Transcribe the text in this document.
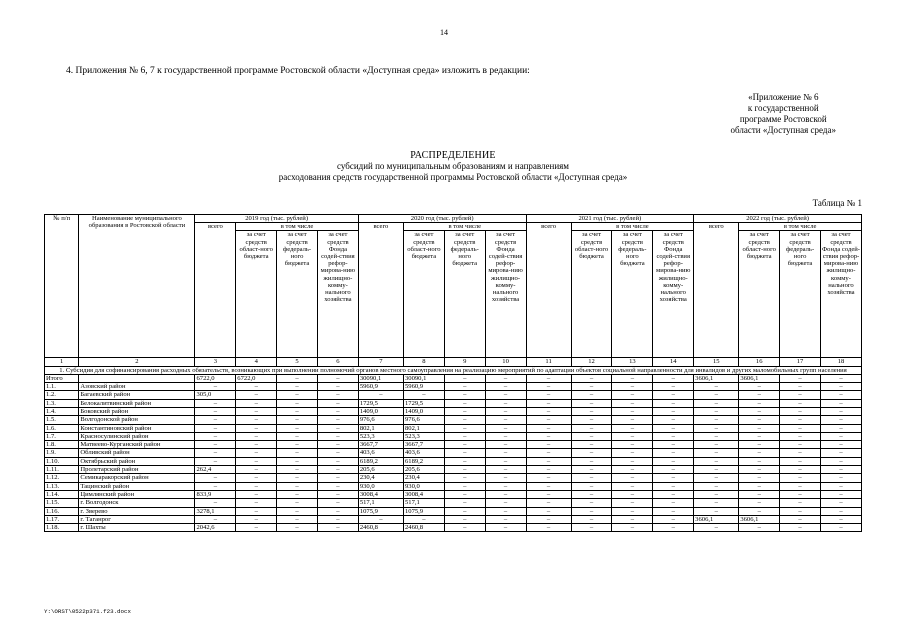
14
4. Приложения № 6, 7 к государственной программе Ростовской области «Доступная среда» изложить в редакции:
«Приложение № 6
к государственной
программе Ростовской
области «Доступная среда»
РАСПРЕДЕЛЕНИЕ
субсидий по муниципальным образованиям и направлениям
расходования средств государственной программы Ростовской области «Доступная среда»
Таблица № 1
№ п/п	Наименование муниципального образования в Ростовской области	2019 год (тыс. рублей)				2020 год (тыс. рублей)				2021 год (тыс. рублей)				2022 год (тыс. рублей)			
		всего	в том числе			всего	в том числе			всего	в том числе			всего	в том числе		
			за счет средств област-ного бюджета	за счет средств федераль-ного бюджета	за счет средств Фонда содей-ствия рефор-мирова-нию жилищно-комму-нального хозяйства		за счет средств област-ного бюджета	за счет средств федераль-ного бюджета	за счет средств Фонда содей-ствия рефор-мирова-нию жилищно-комму-нального хозяйства		за счет средств област-ного бюджета	за счет средств федераль-ного бюджета	за счет средств Фонда содей-ствия рефор-мирова-нию жилищно-комму-нального хозяйства		за счет средств област-ного бюджета	за счет средств федераль-ного бюджета	за счет средств Фонда содей-ствия рефор-мирова-нию жилищно-комму-нального хозяйства
1	2	3	4	5	6	7	8	9	10	11	12	13	14	15	16	17	18
1. Субсидия для софинансирования расходных обязательств, возникающих при выполнении полномочий органов местного самоуправления на реализацию мероприятий по адаптации объектов социальной направленности для инвалидов и других маломобильных групп населения																	
Итого		6722,0	6722,0	–	–	30090,1	30090,1	–	–	–	–	–	–	3606,1	3606,1	–	–
1.1.	Азовский район	–	–	–	–	5960,9	5960,9	–	–	–	–	–	–	–	–	–	–
1.2.	Багаевский район	305,0	–	–	–	–	–	–	–	–	–	–	–	–	–	–	–
1.3.	Белокалитвинский район	–	–	–	–	1729,5	1729,5	–	–	–	–	–	–	–	–	–	–
1.4.	Боковский район	–	–	–	–	1409,0	1409,0	–	–	–	–	–	–	–	–	–	–
1.5.	Волгодонской район	–	–	–	–	976,6	976,6	–	–	–	–	–	–	–	–	–	–
1.6.	Константиновский район	–	–	–	–	802,1	802,1	–	–	–	–	–	–	–	–	–	–
1.7.	Красносулинский район	–	–	–	–	523,3	523,3	–	–	–	–	–	–	–	–	–	–
1.8.	Матвеево-Курганский район	–	–	–	–	3667,7	3667,7	–	–	–	–	–	–	–	–	–	–
1.9.	Обливский район	–	–	–	–	403,6	403,6	–	–	–	–	–	–	–	–	–	–
1.10.	Октябрьский район	–	–	–	–	6189,2	6189,2	–	–	–	–	–	–	–	–	–	–
1.11.	Пролетарский район	262,4	–	–	–	205,6	205,6	–	–	–	–	–	–	–	–	–	–
1.12.	Семикаракорский район	–	–	–	–	230,4	230,4	–	–	–	–	–	–	–	–	–	–
1.13.	Тацинский район	–	–	–	–	930,0	930,0	–	–	–	–	–	–	–	–	–	–
1.14.	Цимлянский район	833,9	–	–	–	3008,4	3008,4	–	–	–	–	–	–	–	–	–	–
1.15.	г. Волгодонск	–	–	–	–	517,1	517,1	–	–	–	–	–	–	–	–	–	–
1.16.	г. Зверево	3278,1	–	–	–	1075,9	1075,9	–	–	–	–	–	–	–	–	–	–
1.17.	г. Таганрог	–	–	–	–	–	–	–	–	–	–	–	–	3606,1	3606,1	–	–
1.18.	г. Шахты	2042,6	–	–	–	2460,8	2460,8	–	–	–	–	–	–	–	–	–	–
Y:\ORST\0522p371.f23.docx
